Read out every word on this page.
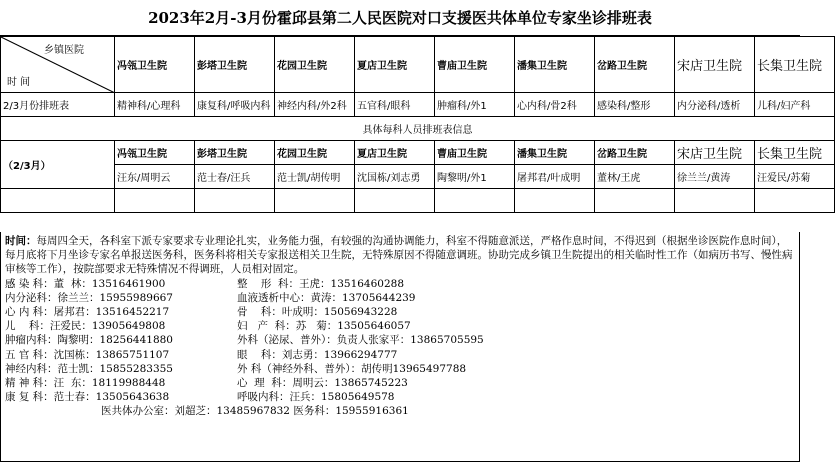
2023年2月-3月份霍邱县第二人民医院对口支援医共体单位专家坐诊排班表
乡镇医院
时 间	冯瓴卫生院	彭塔卫生院	花园卫生院	夏店卫生院	曹庙卫生院	潘集卫生院	岔路卫生院	宋店卫生院	长集卫生院
2/3月份排班表	精神科/心理科	康复科/呼吸内科	神经内科/外2科	五官科/眼科	肿瘤科/外1	心内科/骨2科	感染科/整形	内分泌科/透析	儿科/妇产科
具体每科人员排班表信息									
（2/3月）	冯瓴卫生院	彭塔卫生院	花园卫生院	夏店卫生院	曹庙卫生院	潘集卫生院	岔路卫生院	宋店卫生院	长集卫生院
	汪东/周明云	范士春/汪兵	范士凯/胡传明	沈国栋/刘志勇	陶黎明/外1	屠邦君/叶成明	董林/王虎	徐兰兰/黄涛	汪爱民/苏菊

时间：每周四全天，各科室下派专家要求专业理论扎实，业务能力强，有较强的沟通协调能力，科室不得随意派送，严格作息时间，不得迟到（根据坐诊医院作息时间），每月底将下月坐诊专家名单报送医务科，医务科将相关专家报送相关卫生院，无特殊原因不得随意调班。协助完成乡镇卫生院提出的相关临时性工作（如病历书写、慢性病审核等工作），按院部要求无特殊情况不得调班，人员相对固定。

感 染 科：董  林：13516461900	整    形  科：王虎：13516460288
内分泌科：徐兰兰：15955989667	血液透析中心：黄涛：13705644239
心 内 科：屠邦君：13516452217	骨    科：叶成明：15056943228
儿    科：汪爱民：13905649808	妇   产  科：苏   菊：13505646057
肿瘤内科：陶黎明：18256441880	外科（泌尿、普外）：负责人张家平：13865705595
五 官 科：沈国栋：13865751107	眼    科：刘志勇：13966294777
神经内科：范士凯：15855283355	外 科（神经外科、普外）：胡传明13965497788
精 神 科：汪  东：18119988448	心  理  科：周明云：13865745223
康 复 科：范士春：13505643638	呼吸内科：汪兵：15805649578
医共体办公室：刘超芝：13485967832 医务科：15955916361
